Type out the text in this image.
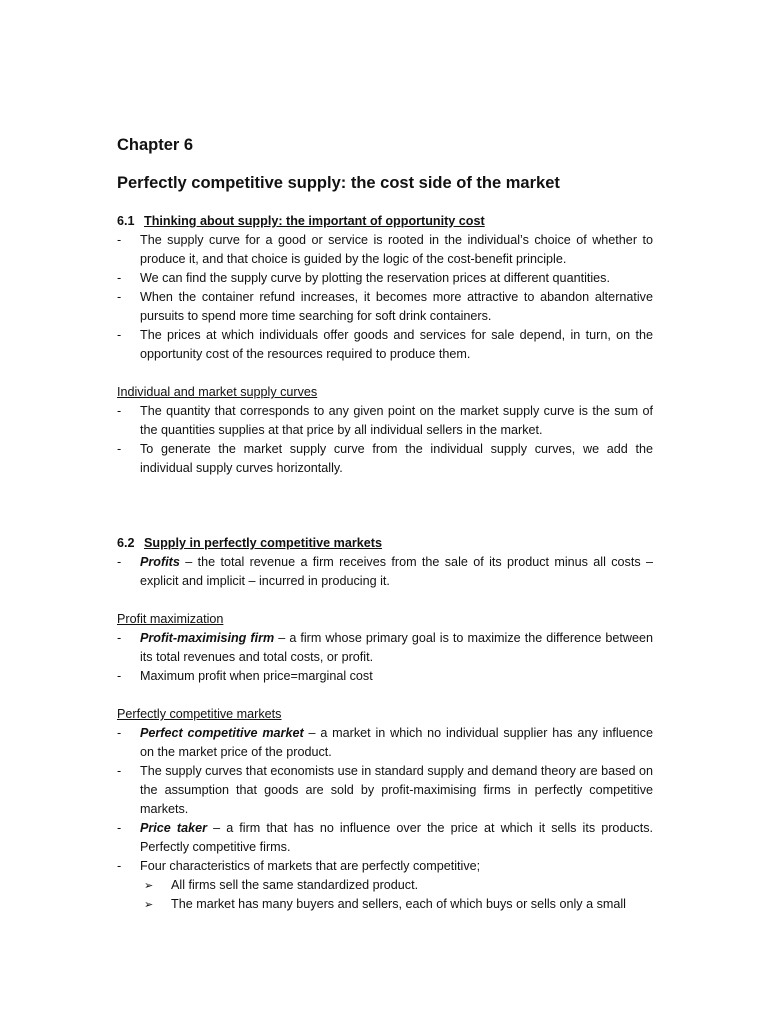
Chapter 6
Perfectly competitive supply: the cost side of the market
6.1 Thinking about supply: the important of opportunity cost
- The supply curve for a good or service is rooted in the individual’s choice of whether to produce it, and that choice is guided by the logic of the cost-benefit principle.
- We can find the supply curve by plotting the reservation prices at different quantities.
- When the container refund increases, it becomes more attractive to abandon alternative pursuits to spend more time searching for soft drink containers.
- The prices at which individuals offer goods and services for sale depend, in turn, on the opportunity cost of the resources required to produce them.
Individual and market supply curves
- The quantity that corresponds to any given point on the market supply curve is the sum of the quantities supplies at that price by all individual sellers in the market.
- To generate the market supply curve from the individual supply curves, we add the individual supply curves horizontally.
6.2 Supply in perfectly competitive markets
- Profits – the total revenue a firm receives from the sale of its product minus all costs – explicit and implicit – incurred in producing it.
Profit maximization
- Profit-maximising firm – a firm whose primary goal is to maximize the difference between its total revenues and total costs, or profit.
- Maximum profit when price=marginal cost
Perfectly competitive markets
- Perfect competitive market – a market in which no individual supplier has any influence on the market price of the product.
- The supply curves that economists use in standard supply and demand theory are based on the assumption that goods are sold by profit-maximising firms in perfectly competitive markets.
- Price taker – a firm that has no influence over the price at which it sells its products. Perfectly competitive firms.
- Four characteristics of markets that are perfectly competitive;
➢ All firms sell the same standardized product.
➢ The market has many buyers and sellers, each of which buys or sells only a small
